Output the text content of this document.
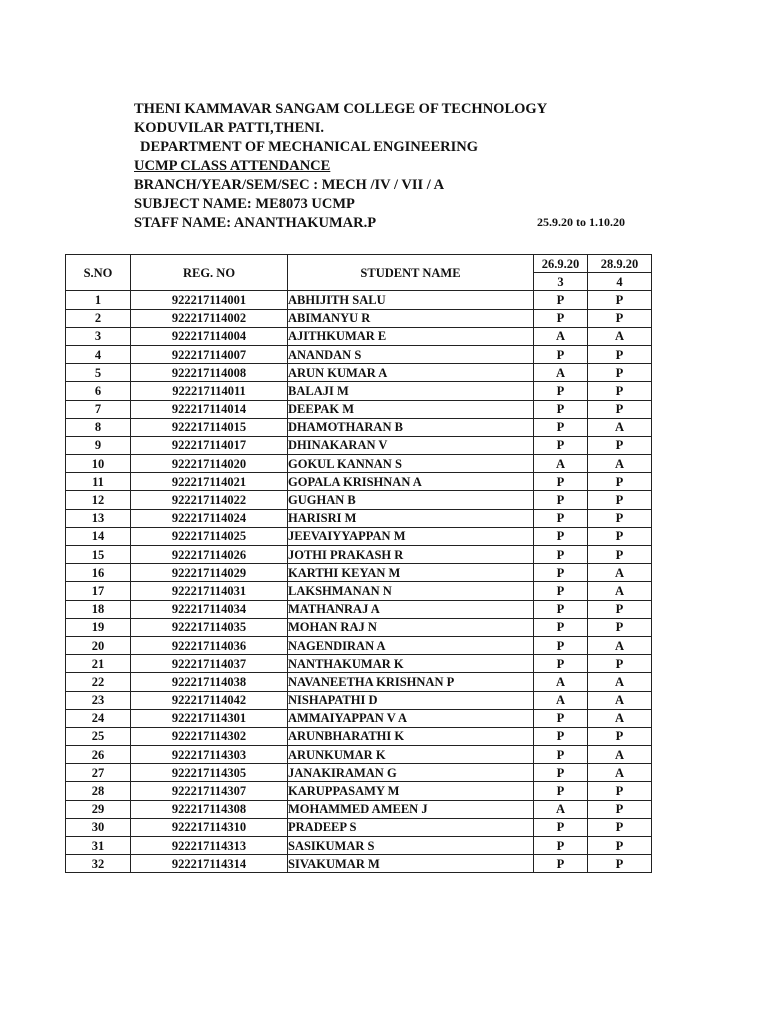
THENI KAMMAVAR SANGAM COLLEGE OF TECHNOLOGY
KODUVILAR PATTI,THENI.
DEPARTMENT OF MECHANICAL ENGINEERING
UCMP CLASS ATTENDANCE
BRANCH/YEAR/SEM/SEC : MECH /IV / VII / A
SUBJECT NAME: ME8073 UCMP
STAFF NAME: ANANTHAKUMAR.P	25.9.20 to 1.10.20
S.NO	REG. NO	STUDENT NAME	26.9.20	28.9.20
			3	4
1	922217114001	ABHIJITH SALU	P	P
2	922217114002	ABIMANYU R	P	P
3	922217114004	AJITHKUMAR E	A	A
4	922217114007	ANANDAN S	P	P
5	922217114008	ARUN KUMAR A	A	P
6	922217114011	BALAJI M	P	P
7	922217114014	DEEPAK M	P	P
8	922217114015	DHAMOTHARAN B	P	A
9	922217114017	DHINAKARAN V	P	P
10	922217114020	GOKUL KANNAN S	A	A
11	922217114021	GOPALA KRISHNAN A	P	P
12	922217114022	GUGHAN B	P	P
13	922217114024	HARISRI M	P	P
14	922217114025	JEEVAIYYAPPAN M	P	P
15	922217114026	JOTHI PRAKASH R	P	P
16	922217114029	KARTHI KEYAN M	P	A
17	922217114031	LAKSHMANAN N	P	A
18	922217114034	MATHANRAJ A	P	P
19	922217114035	MOHAN RAJ N	P	P
20	922217114036	NAGENDIRAN A	P	A
21	922217114037	NANTHAKUMAR K	P	P
22	922217114038	NAVANEETHA KRISHNAN P	A	A
23	922217114042	NISHAPATHI D	A	A
24	922217114301	AMMAIYAPPAN V A	P	A
25	922217114302	ARUNBHARATHI K	P	P
26	922217114303	ARUNKUMAR K	P	A
27	922217114305	JANAKIRAMAN G	P	A
28	922217114307	KARUPPASAMY M	P	P
29	922217114308	MOHAMMED AMEEN J	A	P
30	922217114310	PRADEEP S	P	P
31	922217114313	SASIKUMAR S	P	P
32	922217114314	SIVAKUMAR M	P	P
